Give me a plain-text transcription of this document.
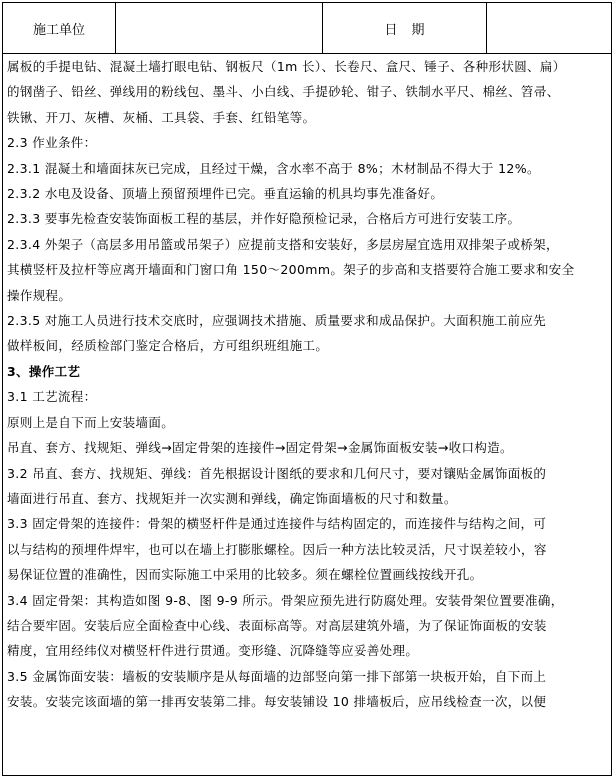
施工单位	日期

属板的手提电钻、混凝土墙打眼电钻、钢板尺（1m 长）、长卷尺、盒尺、锤子、各种形状圆、扁）

的钢凿子、铅丝、弹线用的粉线包、墨斗、小白线、手提砂轮、钳子、铁制水平尺、棉丝、笤帚、

铁锹、开刀、灰槽、灰桶、工具袋、手套、红铅笔等。

2.3 作业条件：

2.3.1 混凝土和墙面抹灰已完成，且经过干燥，含水率不高于 8%；木材制品不得大于 12%。

2.3.2 水电及设备、顶墙上预留预埋件已完。垂直运输的机具均事先准备好。

2.3.3 要事先检查安装饰面板工程的基层，并作好隐预检记录，合格后方可进行安装工序。

2.3.4 外架子（高层多用吊篮或吊架子）应提前支搭和安装好，多层房屋宜选用双排架子或桥架，

其横竖杆及拉杆等应离开墙面和门窗口角 150～200mm。架子的步高和支搭要符合施工要求和安全

操作规程。

2.3.5 对施工人员进行技术交底时，应强调技术措施、质量要求和成品保护。大面积施工前应先

做样板间，经质检部门鉴定合格后，方可组织班组施工。

3、操作工艺

3.1 工艺流程：

原则上是自下而上安装墙面。

吊直、套方、找规矩、弹线→固定骨架的连接件→固定骨架→金属饰面板安装→收口构造。

3.2 吊直、套方、找规矩、弹线：首先根据设计图纸的要求和几何尺寸，要对镶贴金属饰面板的

墙面进行吊直、套方、找规矩并一次实测和弹线，确定饰面墙板的尺寸和数量。

3.3 固定骨架的连接件：骨架的横竖杆件是通过连接件与结构固定的，而连接件与结构之间，可

以与结构的预埋件焊牢，也可以在墙上打膨胀螺栓。因后一种方法比较灵活，尺寸误差较小，容

易保证位置的准确性，因而实际施工中采用的比较多。须在螺栓位置画线按线开孔。

3.4 固定骨架：其构造如图 9-8、图 9-9 所示。骨架应预先进行防腐处理。安装骨架位置要准确，

结合要牢固。安装后应全面检查中心线、表面标高等。对高层建筑外墙，为了保证饰面板的安装

精度，宜用经纬仪对横竖杆件进行贯通。变形缝、沉降缝等应妥善处理。

3.5 金属饰面安装：墙板的安装顺序是从每面墙的边部竖向第一排下部第一块板开始，自下而上

安装。安装完该面墙的第一排再安装第二排。每安装铺设 10 排墙板后，应吊线检查一次，以便
